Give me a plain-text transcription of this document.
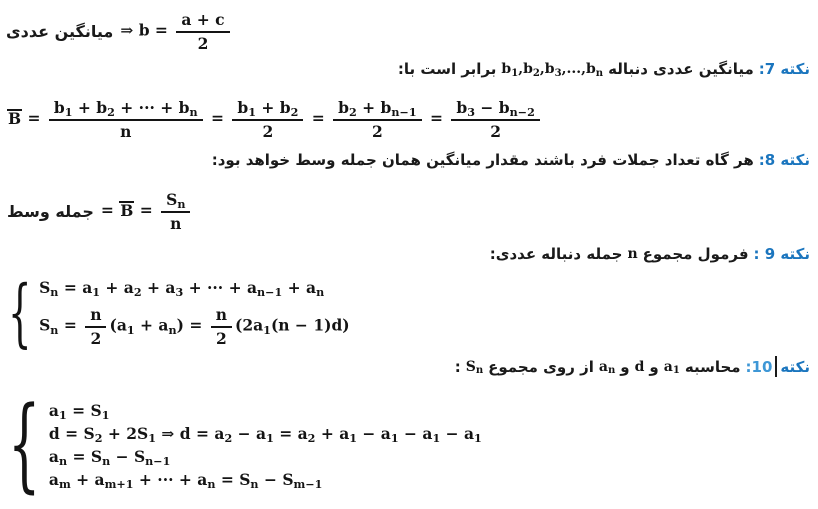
میانگین عددی ⇒ $b = \frac{a + c}{2}$
نکته 7:
میانگین عددی دنباله
$b_1,b_2,b_3,...,b_n$
برابر است با:
$B = \frac{b_1 + b_2 + \cdot\cdot\cdot + b_n}{n} = \frac{b_1 + b_2}{2} = \frac{b_2 + b_{n-1}}{2} = \frac{b_3 - b_{n-2}}{2}$
نکته 8:
هر گاه تعداد جملات فرد باشند مقدار میانگین همان جمله وسط خواهد بود:
جمله وسط = $B = \frac{S_n}{n}$
نکته 9 :
فرمول مجموع
n
جمله دنباله عددی:
{ $S_n = a_1 + a_2 + a_3$ + ··· + $a_{n-1} + a_n$
$S_n = \frac{n}{2} (a_1 + a_n) = \frac{n}{2} (2a_1(n - 1)d)$
نکته
10:
محاسبه
$a_1$
و
d
و
$a_n$
از روی مجموع
$S_n$
:
{ $a_1 = S_1$
$d = S_2 + 2S_1$ ⇒ $d = a_2 - a_1 = a_2 + a_1 - a_1 - a_1 - a_1$
$a_n = S_n - S_{n-1}$
$a_m + a_{m+1}$ + ··· + $a_n = S_n - S_{m-1}$
